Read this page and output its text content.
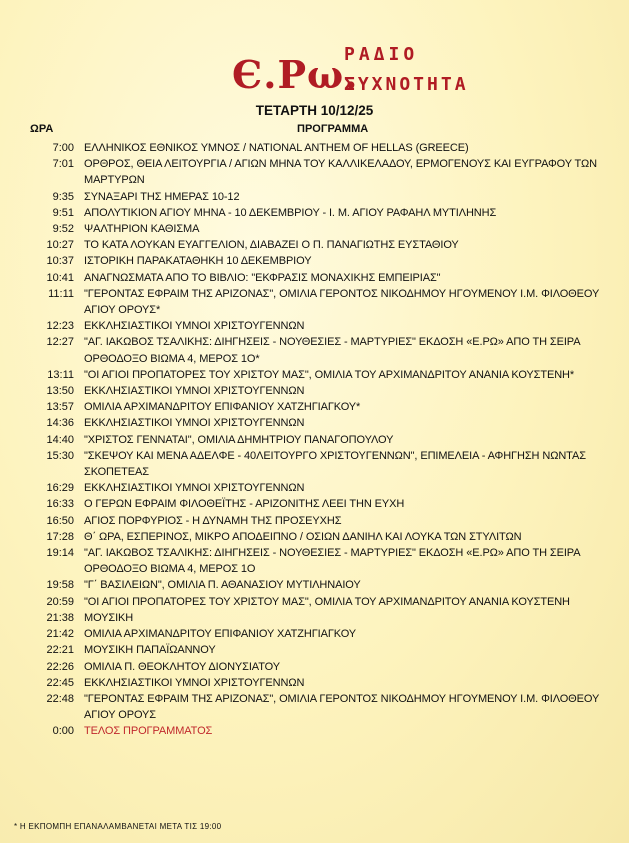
Є.Ρω.
ΡΑΔΙΟ
ΣΥΧΝΟΤΗΤΑ
ΤΕΤΑΡΤΗ 10/12/25
ΩΡΑ	ΠΡΟΓΡΑΜΜΑ
7:00 ΕΛΛΗΝΙΚΟΣ ΕΘΝΙΚΟΣ ΥΜΝΟΣ / NATIONAL ANTHEM OF HELLAS (GREECE)
7:01 ΟΡΘΡΟΣ, ΘΕΙΑ ΛΕΙΤΟΥΡΓΙΑ / ΑΓΙΩΝ ΜΗΝΑ ΤΟΥ ΚΑΛΛΙΚΕΛΑΔΟΥ, ΕΡΜΟΓΕΝΟΥΣ ΚΑΙ ΕΥΓΡΑΦΟΥ ΤΩΝ ΜΑΡΤΥΡΩΝ
9:35 ΣΥΝΑΞΑΡΙ ΤΗΣ ΗΜΕΡΑΣ 10-12
9:51 ΑΠΟΛΥΤΙΚΙΟΝ ΑΓΙΟΥ ΜΗΝΑ - 10 ΔΕΚΕΜΒΡΙΟΥ - Ι. Μ. ΑΓΙΟΥ ΡΑΦΑΗΛ ΜΥΤΙΛΗΝΗΣ
9:52 ΨΑΛΤΗΡΙΟΝ ΚΑΘΙΣΜΑ
10:27 ΤΟ ΚΑΤΑ ΛΟΥΚΑΝ ΕΥΑΓΓΕΛΙΟΝ, ΔΙΑΒΑΖΕΙ Ο Π. ΠΑΝΑΓΙΩΤΗΣ ΕΥΣΤΑΘΙΟΥ
10:37 ΙΣΤΟΡΙΚΗ ΠΑΡΑΚΑΤΑΘΗΚΗ 10 ΔΕΚΕΜΒΡΙΟΥ
10:41 ΑΝΑΓΝΩΣΜΑΤΑ ΑΠΟ ΤΟ ΒΙΒΛΙΟ: "ΕΚΦΡΑΣΙΣ ΜΟΝΑΧΙΚΗΣ ΕΜΠΕΙΡΙΑΣ"
11:11 "ΓΕΡΟΝΤΑΣ ΕΦΡΑΙΜ ΤΗΣ ΑΡΙΖΟΝΑΣ", ΟΜΙΛΙΑ ΓΕΡΟΝΤΟΣ ΝΙΚΟΔΗΜΟΥ ΗΓΟΥΜΕΝΟΥ Ι.Μ. ΦΙΛΟΘΕΟΥ ΑΓΙΟΥ ΟΡΟΥΣ*
12:23 ΕΚΚΛΗΣΙΑΣΤΙΚΟΙ ΥΜΝΟΙ ΧΡΙΣΤΟΥΓΕΝΝΩΝ
12:27 "ΑΓ. ΙΑΚΩΒΟΣ ΤΣΑΛΙΚΗΣ: ΔΙΗΓΗΣΕΙΣ - ΝΟΥΘΕΣΙΕΣ - ΜΑΡΤΥΡΙΕΣ" ΕΚΔΟΣΗ «Ε.ΡΩ» ΑΠΟ ΤΗ ΣΕΙΡΑ ΟΡΘΟΔΟΞΟ ΒΙΩΜΑ 4, ΜΕΡΟΣ 1Ο*
13:11 "ΟΙ ΑΓΙΟΙ ΠΡΟΠΑΤΟΡΕΣ ΤΟΥ ΧΡΙΣΤΟΥ ΜΑΣ", ΟΜΙΛΙΑ ΤΟΥ ΑΡΧΙΜΑΝΔΡΙΤΟΥ ΑΝΑΝΙΑ ΚΟΥΣΤΕΝΗ*
13:50 ΕΚΚΛΗΣΙΑΣΤΙΚΟΙ ΥΜΝΟΙ ΧΡΙΣΤΟΥΓΕΝΝΩΝ
13:57 ΟΜΙΛΙΑ ΑΡΧΙΜΑΝΔΡΙΤΟΥ ΕΠΙΦΑΝΙΟΥ ΧΑΤΖΗΓΙΑΓΚΟΥ*
14:36 ΕΚΚΛΗΣΙΑΣΤΙΚΟΙ ΥΜΝΟΙ ΧΡΙΣΤΟΥΓΕΝΝΩΝ
14:40 "ΧΡΙΣΤΟΣ ΓΕΝΝΑΤΑΙ", ΟΜΙΛΙΑ ΔΗΜΗΤΡΙΟΥ ΠΑΝΑΓΟΠΟΥΛΟΥ
15:30 "ΣΚΕΨΟΥ ΚΑΙ ΜΕΝΑ ΑΔΕΛΦΕ - 40ΛΕΙΤΟΥΡΓΟ ΧΡΙΣΤΟΥΓΕΝΝΩΝ", ΕΠΙΜΕΛΕΙΑ - ΑΦΗΓΗΣΗ ΝΩΝΤΑΣ ΣΚΟΠΕΤΕΑΣ
16:29 ΕΚΚΛΗΣΙΑΣΤΙΚΟΙ ΥΜΝΟΙ ΧΡΙΣΤΟΥΓΕΝΝΩΝ
16:33 Ο ΓΕΡΩΝ ΕΦΡΑΙΜ ΦΙΛΟΘΕΪΤΗΣ - ΑΡΙΖΟΝΙΤΗΣ ΛΕΕΙ ΤΗΝ ΕΥΧΗ
16:50 ΑΓΙΟΣ ΠΟΡΦΥΡΙΟΣ - Η ΔΥΝΑΜΗ ΤΗΣ ΠΡΟΣΕΥΧΗΣ
17:28 Θ΄ ΩΡΑ, ΕΣΠΕΡΙΝΟΣ, ΜΙΚΡΟ ΑΠΟΔΕΙΠΝΟ / ΟΣΙΩΝ ΔΑΝΙΗΛ ΚΑΙ ΛΟΥΚΑ ΤΩΝ ΣΤΥΛΙΤΩΝ
19:14 "ΑΓ. ΙΑΚΩΒΟΣ ΤΣΑΛΙΚΗΣ: ΔΙΗΓΗΣΕΙΣ - ΝΟΥΘΕΣΙΕΣ - ΜΑΡΤΥΡΙΕΣ" ΕΚΔΟΣΗ «Ε.ΡΩ» ΑΠΟ ΤΗ ΣΕΙΡΑ ΟΡΘΟΔΟΞΟ ΒΙΩΜΑ 4, ΜΕΡΟΣ 1Ο
19:58 "Γ΄ ΒΑΣΙΛΕΙΩΝ", ΟΜΙΛΙΑ Π. ΑΘΑΝΑΣΙΟΥ ΜΥΤΙΛΗΝΑΙΟΥ
20:59 "ΟΙ ΑΓΙΟΙ ΠΡΟΠΑΤΟΡΕΣ ΤΟΥ ΧΡΙΣΤΟΥ ΜΑΣ", ΟΜΙΛΙΑ ΤΟΥ ΑΡΧΙΜΑΝΔΡΙΤΟΥ ΑΝΑΝΙΑ ΚΟΥΣΤΕΝΗ
21:38 ΜΟΥΣΙΚΗ
21:42 ΟΜΙΛΙΑ ΑΡΧΙΜΑΝΔΡΙΤΟΥ ΕΠΙΦΑΝΙΟΥ ΧΑΤΖΗΓΙΑΓΚΟΥ
22:21 ΜΟΥΣΙΚΗ ΠΑΠΑΪΩΑΝΝΟΥ
22:26 ΟΜΙΛΙΑ Π. ΘΕΟΚΛΗΤΟΥ ΔΙΟΝΥΣΙΑΤΟΥ
22:45 ΕΚΚΛΗΣΙΑΣΤΙΚΟΙ ΥΜΝΟΙ ΧΡΙΣΤΟΥΓΕΝΝΩΝ
22:48 "ΓΕΡΟΝΤΑΣ ΕΦΡΑΙΜ ΤΗΣ ΑΡΙΖΟΝΑΣ", ΟΜΙΛΙΑ ΓΕΡΟΝΤΟΣ ΝΙΚΟΔΗΜΟΥ ΗΓΟΥΜΕΝΟΥ Ι.Μ. ΦΙΛΟΘΕΟΥ ΑΓΙΟΥ ΟΡΟΥΣ
0:00 ΤΕΛΟΣ ΠΡΟΓΡΑΜΜΑΤΟΣ
* Η ΕΚΠΟΜΠΗ ΕΠΑΝΑΛΑΜΒΑΝΕΤΑΙ ΜΕΤΑ ΤΙΣ 19:00
